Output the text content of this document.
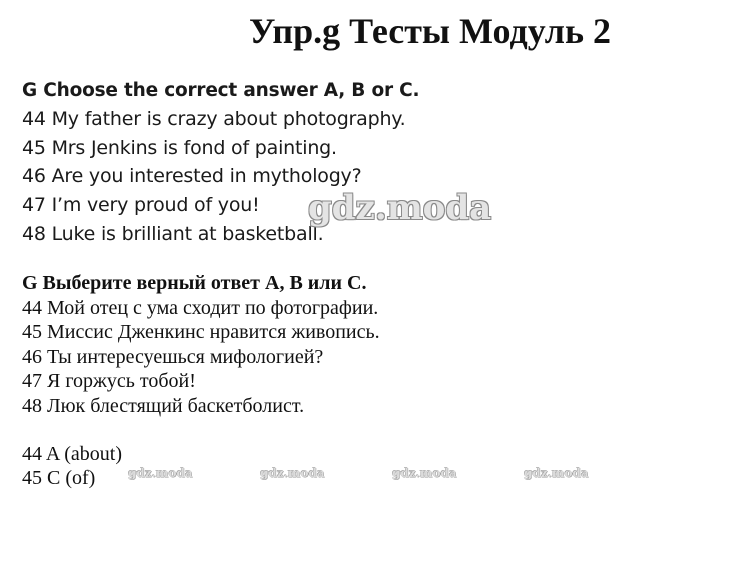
Упр.g Тесты Модуль 2
G Choose the correct answer A, B or C.
44 My father is crazy about photography.
45 Mrs Jenkins is fond of painting.
46 Are you interested in mythology?
47 I’m very proud of you!
48 Luke is brilliant at basketball.
G Выберите верный ответ A, B или C.
44 Мой отец с ума сходит по фотографии.
45 Миссис Дженкинс нравится живопись.
46 Ты интересуешься мифологией?
47 Я горжусь тобой!
48 Люк блестящий баскетболист.
44 A (about)
45 C (of)
gdz.moda
gdz.moda	gdz.moda	gdz.moda	gdz.moda
